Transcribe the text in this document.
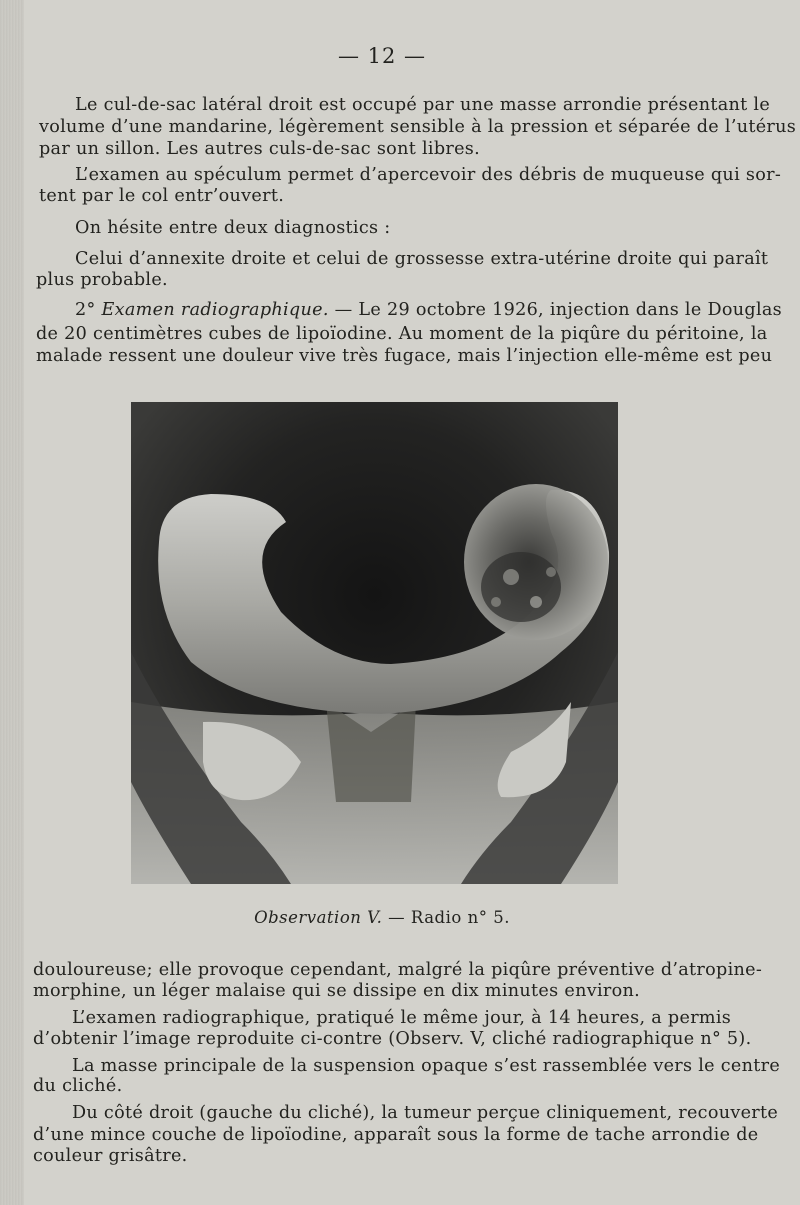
— 12 —
Le cul-de-sac latéral droit est occupé par une masse arrondie présentant le
volume d’une mandarine, légèrement sensible à la pression et séparée de l’utérus
par un sillon. Les autres culs-de-sac sont libres.
L’examen au spéculum permet d’apercevoir des débris de muqueuse qui sor-
tent par le col entr’ouvert.
On hésite entre deux diagnostics :
Celui d’annexite droite et celui de grossesse extra-utérine droite qui paraît
plus probable.
2° Examen radiographique. — Le 29 octobre 1926, injection dans le Douglas
de 20 centimètres cubes de lipoïodine. Au moment de la piqûre du péritoine, la
malade ressent une douleur vive très fugace, mais l’injection elle-même est peu
Observation V. — Radio n° 5.
douloureuse; elle provoque cependant, malgré la piqûre préventive d’atropine-
morphine, un léger malaise qui se dissipe en dix minutes environ.
L’examen radiographique, pratiqué le même jour, à 14 heures, a permis
d’obtenir l’image reproduite ci-contre (Observ. V, cliché radiographique n° 5).
La masse principale de la suspension opaque s’est rassemblée vers le centre
du cliché.
Du côté droit (gauche du cliché), la tumeur perçue cliniquement, recouverte
d’une mince couche de lipoïodine, apparaît sous la forme de tache arrondie de
couleur grisâtre.
